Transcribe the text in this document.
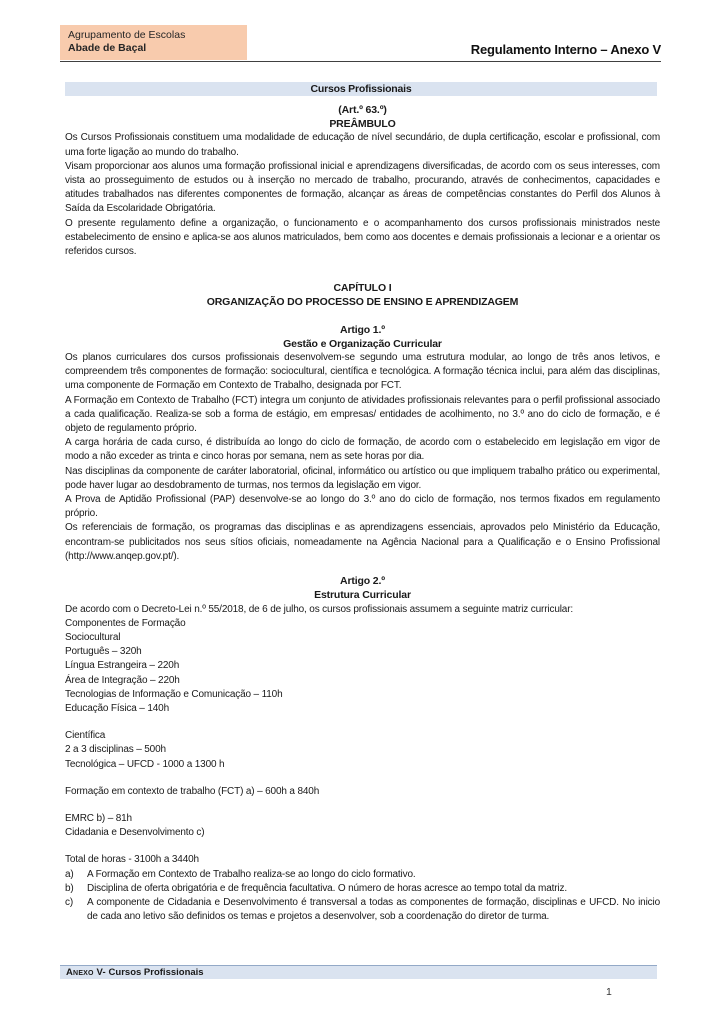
Agrupamento de Escolas
Abade de Baçal	Regulamento Interno – Anexo V
Cursos Profissionais
(Art.º 63.º)
PREÂMBULO
Os Cursos Profissionais constituem uma modalidade de educação de nível secundário, de dupla certificação, escolar e profissional, com uma forte ligação ao mundo do trabalho.
Visam proporcionar aos alunos uma formação profissional inicial e aprendizagens diversificadas, de acordo com os seus interesses, com vista ao prosseguimento de estudos ou à inserção no mercado de trabalho, procurando, através de conhecimentos, capacidades e atitudes trabalhados nas diferentes componentes de formação, alcançar as áreas de competências constantes do Perfil dos Alunos à Saída da Escolaridade Obrigatória.
O presente regulamento define a organização, o funcionamento e o acompanhamento dos cursos profissionais ministrados neste estabelecimento de ensino e aplica-se aos alunos matriculados, bem como aos docentes e demais profissionais a lecionar e a orientar os referidos cursos.
CAPÍTULO I
ORGANIZAÇÃO DO PROCESSO DE ENSINO E APRENDIZAGEM
Artigo 1.º
Gestão e Organização Curricular
Os planos curriculares dos cursos profissionais desenvolvem-se segundo uma estrutura modular, ao longo de três anos letivos, e compreendem três componentes de formação: sociocultural, científica e tecnológica. A formação técnica inclui, para além das disciplinas, uma componente de Formação em Contexto de Trabalho, designada por FCT.
A Formação em Contexto de Trabalho (FCT) integra um conjunto de atividades profissionais relevantes para o perfil profissional associado a cada qualificação. Realiza-se sob a forma de estágio, em empresas/ entidades de acolhimento, no 3.º ano do ciclo de formação, e é objeto de regulamento próprio.
A carga horária de cada curso, é distribuída ao longo do ciclo de formação, de acordo com o estabelecido em legislação em vigor de modo a não exceder as trinta e cinco horas por semana, nem as sete horas por dia.
Nas disciplinas da componente de caráter laboratorial, oficinal, informático ou artístico ou que impliquem trabalho prático ou experimental, pode haver lugar ao desdobramento de turmas, nos termos da legislação em vigor.
A Prova de Aptidão Profissional (PAP) desenvolve-se ao longo do 3.º ano do ciclo de formação, nos termos fixados em regulamento próprio.
Os referenciais de formação, os programas das disciplinas e as aprendizagens essenciais, aprovados pelo Ministério da Educação, encontram-se publicitados nos seus sítios oficiais, nomeadamente na Agência Nacional para a Qualificação e o Ensino Profissional (http://www.anqep.gov.pt/).
Artigo 2.º
Estrutura Curricular
De acordo com o Decreto-Lei n.º 55/2018, de 6 de julho, os cursos profissionais assumem a seguinte matriz curricular:
Componentes de Formação
Sociocultural
Português – 320h
Língua Estrangeira – 220h
Área de Integração – 220h
Tecnologias de Informação e Comunicação – 110h
Educação Física – 140h
Científica
2 a 3 disciplinas – 500h
Tecnológica – UFCD - 1000 a 1300 h
Formação em contexto de trabalho (FCT) a) – 600h a 840h
EMRC b) – 81h
Cidadania e Desenvolvimento c)
Total de horas - 3100h a 3440h
a)	A Formação em Contexto de Trabalho realiza-se ao longo do ciclo formativo.
b)	Disciplina de oferta obrigatória e de frequência facultativa. O número de horas acresce ao tempo total da matriz.
c)	A componente de Cidadania e Desenvolvimento é transversal a todas as componentes de formação, disciplinas e UFCD. No inicio de cada ano letivo são definidos os temas e projetos a desenvolver, sob a coordenação do diretor de turma.
Anexo V- Cursos Profissionais
1
